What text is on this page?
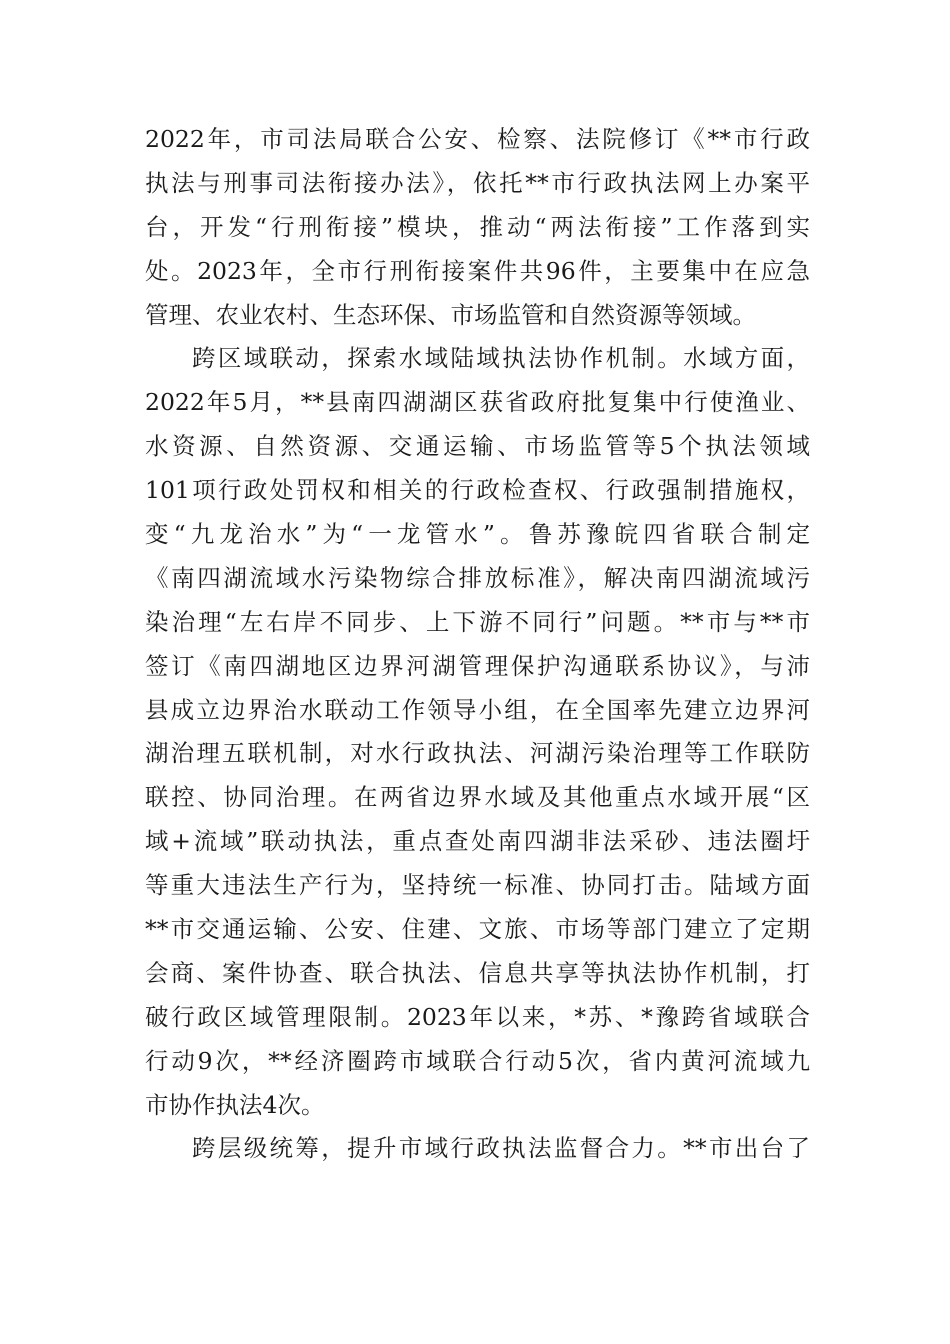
2022年，市司法局联合公安、检察、法院修订《**市行政
执法与刑事司法衔接办法》，依托**市行政执法网上办案平
台，开发“行刑衔接”模块，推动“两法衔接”工作落到实
处。2023年，全市行刑衔接案件共96件，主要集中在应急
管理、农业农村、生态环保、市场监管和自然资源等领域。
跨区域联动，探索水域陆域执法协作机制。水域方面，
2022年5月，**县南四湖湖区获省政府批复集中行使渔业、
水资源、自然资源、交通运输、市场监管等5个执法领域
101项行政处罚权和相关的行政检查权、行政强制措施权，
变“九龙治水”为“一龙管水”。鲁苏豫皖四省联合制定
《南四湖流域水污染物综合排放标准》，解决南四湖流域污
染治理“左右岸不同步、上下游不同行”问题。**市与**市
签订《南四湖地区边界河湖管理保护沟通联系协议》，与沛
县成立边界治水联动工作领导小组，在全国率先建立边界河
湖治理五联机制，对水行政执法、河湖污染治理等工作联防
联控、协同治理。在两省边界水域及其他重点水域开展“区
域+流域”联动执法，重点查处南四湖非法采砂、违法圈圩
等重大违法生产行为，坚持统一标准、协同打击。陆域方面
**市交通运输、公安、住建、文旅、市场等部门建立了定期
会商、案件协查、联合执法、信息共享等执法协作机制，打
破行政区域管理限制。2023年以来，*苏、*豫跨省域联合
行动9次，**经济圈跨市域联合行动5次，省内黄河流域九
市协作执法4次。
跨层级统筹，提升市域行政执法监督合力。**市出台了
